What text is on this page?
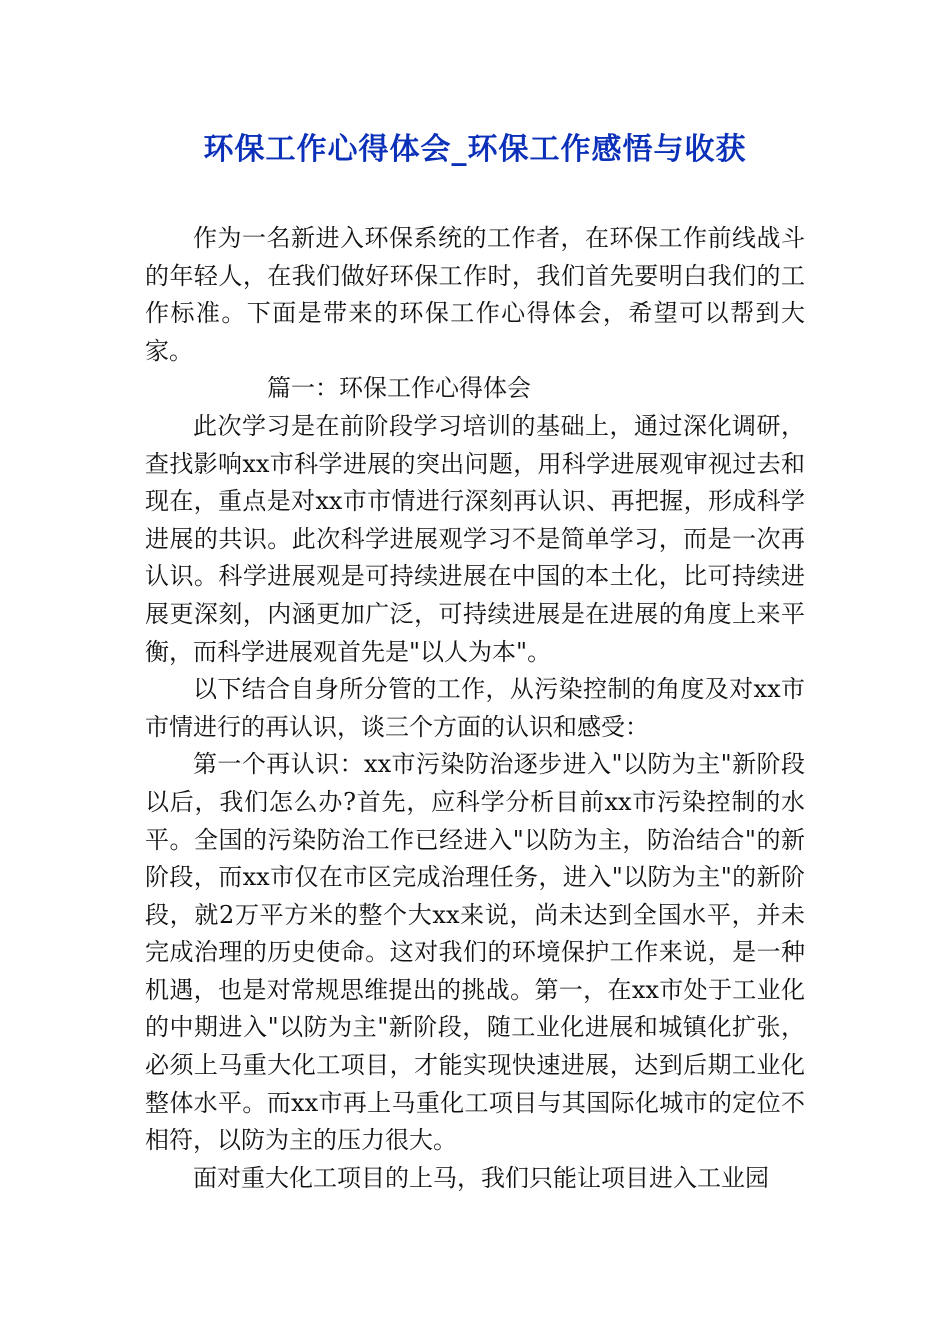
环保工作心得体会_环保工作感悟与收获

作为一名新进入环保系统的工作者，在环保工作前线战斗的年轻人，在我们做好环保工作时，我们首先要明白我们的工作标准。下面是带来的环保工作心得体会，希望可以帮到大家。

篇一：环保工作心得体会

此次学习是在前阶段学习培训的基础上，通过深化调研，查找影响xx市科学进展的突出问题，用科学进展观审视过去和现在，重点是对xx市市情进行深刻再认识、再把握，形成科学进展的共识。此次科学进展观学习不是简单学习，而是一次再认识。科学进展观是可持续进展在中国的本土化，比可持续进展更深刻，内涵更加广泛，可持续进展是在进展的角度上来平衡，而科学进展观首先是"以人为本"。

以下结合自身所分管的工作，从污染控制的角度及对xx市市情进行的再认识，谈三个方面的认识和感受：

第一个再认识：xx市污染防治逐步进入"以防为主"新阶段以后，我们怎么办?首先，应科学分析目前xx市污染控制的水平。全国的污染防治工作已经进入"以防为主，防治结合"的新阶段，而xx市仅在市区完成治理任务，进入"以防为主"的新阶段，就2万平方米的整个大xx来说，尚未达到全国水平，并未完成治理的历史使命。这对我们的环境保护工作来说，是一种机遇，也是对常规思维提出的挑战。第一，在xx市处于工业化的中期进入"以防为主"新阶段，随工业化进展和城镇化扩张，必须上马重大化工项目，才能实现快速进展，达到后期工业化整体水平。而xx市再上马重化工项目与其国际化城市的定位不相符，以防为主的压力很大。

面对重大化工项目的上马，我们只能让项目进入工业园
